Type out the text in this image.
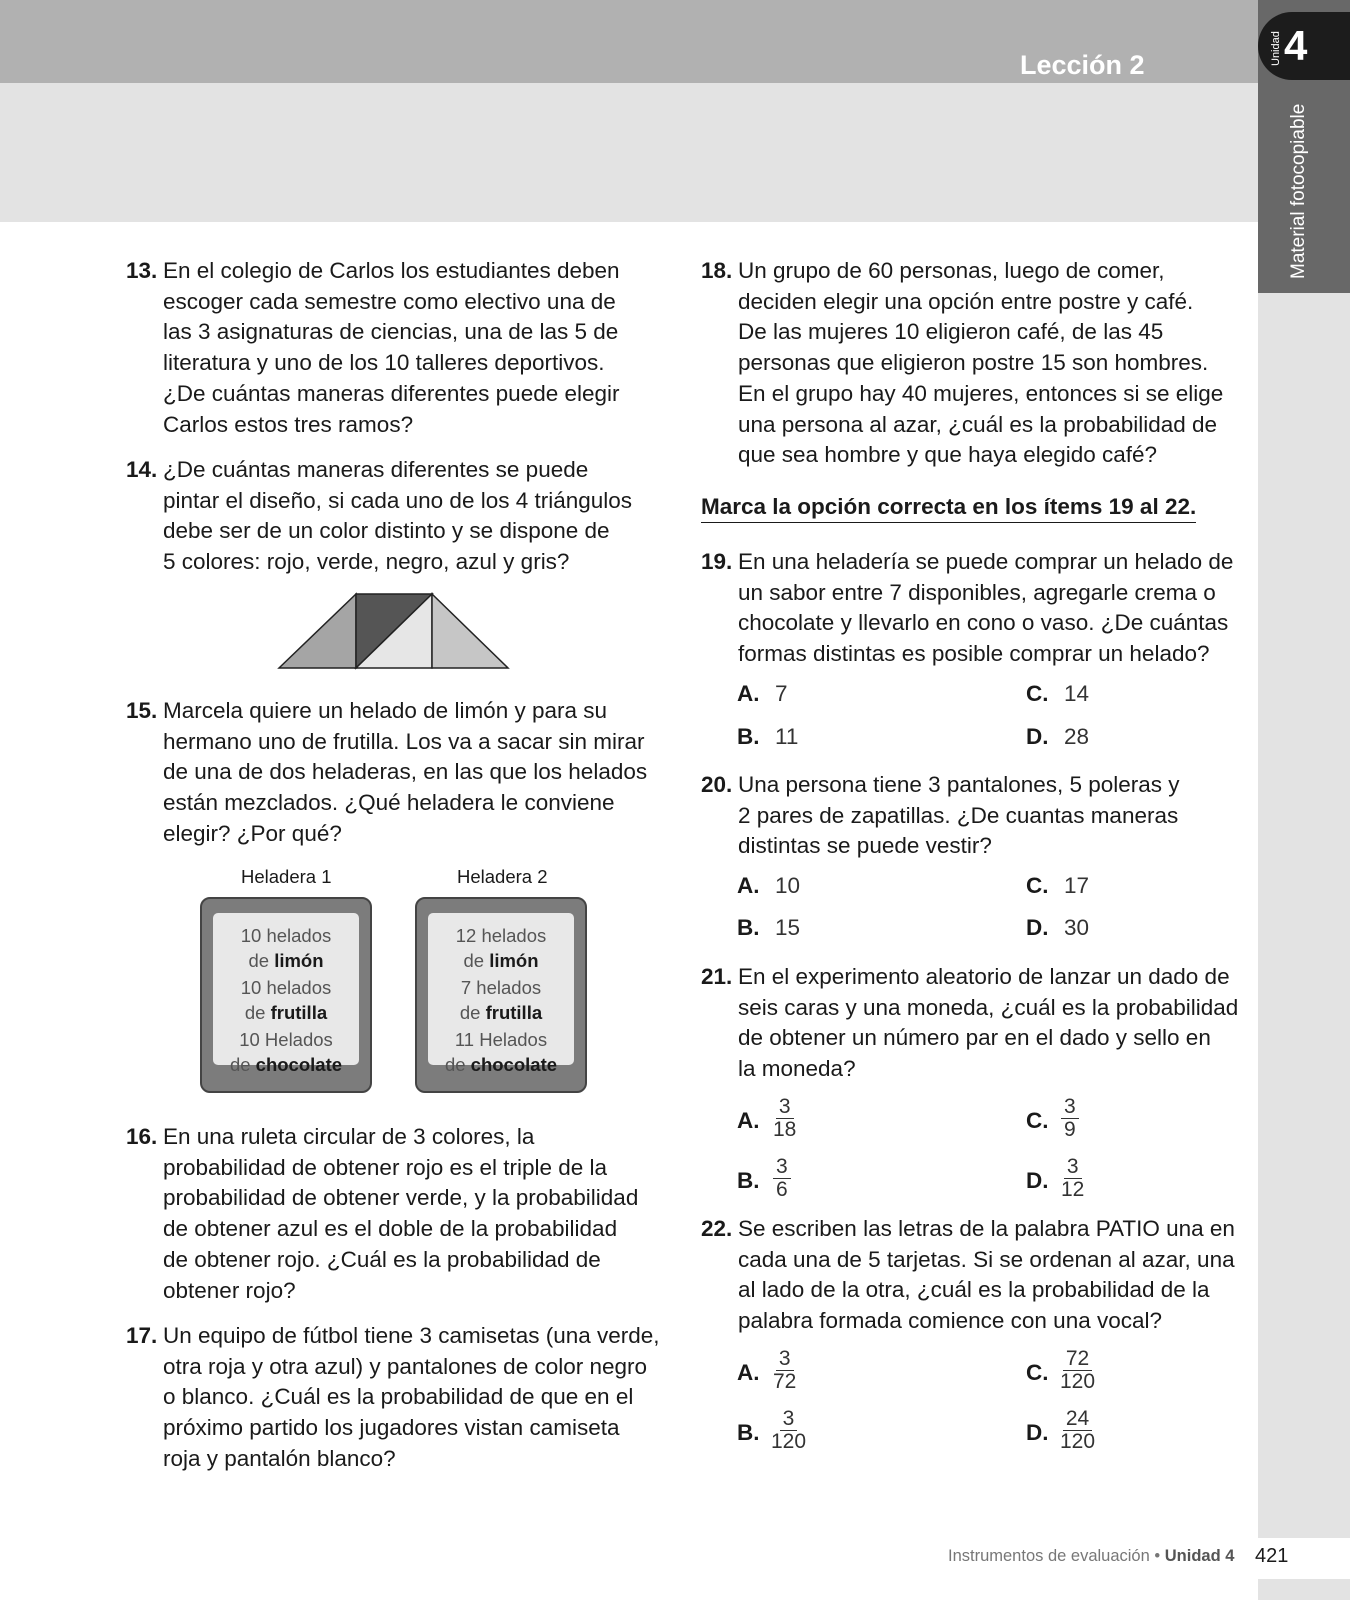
Lección 2	Unidad 4
Material fotocopiable
13. En el colegio de Carlos los estudiantes deben
escoger cada semestre como electivo una de
las 3 asignaturas de ciencias, una de las 5 de
literatura y uno de los 10 talleres deportivos.
¿De cuántas maneras diferentes puede elegir
Carlos estos tres ramos?
14. ¿De cuántas maneras diferentes se puede
pintar el diseño, si cada uno de los 4 triángulos
debe ser de un color distinto y se dispone de
5 colores: rojo, verde, negro, azul y gris?
15. Marcela quiere un helado de limón y para su
hermano uno de frutilla. Los va a sacar sin mirar
de una de dos heladeras, en las que los helados
están mezclados. ¿Qué heladera le conviene
elegir? ¿Por qué?
Heladera 1	Heladera 2
10 helados
de limón
10 helados
de frutilla
10 Helados
de chocolate
12 helados
de limón
7 helados
de frutilla
11 Helados
de chocolate
16. En una ruleta circular de 3 colores, la
probabilidad de obtener rojo es el triple de la
probabilidad de obtener verde, y la probabilidad
de obtener azul es el doble de la probabilidad
de obtener rojo. ¿Cuál es la probabilidad de
obtener rojo?
17. Un equipo de fútbol tiene 3 camisetas (una verde,
otra roja y otra azul) y pantalones de color negro
o blanco. ¿Cuál es la probabilidad de que en el
próximo partido los jugadores vistan camiseta
roja y pantalón blanco?
18. Un grupo de 60 personas, luego de comer,
deciden elegir una opción entre postre y café.
De las mujeres 10 eligieron café, de las 45
personas que eligieron postre 15 son hombres.
En el grupo hay 40 mujeres, entonces si se elige
una persona al azar, ¿cuál es la probabilidad de
que sea hombre y que haya elegido café?
Marca la opción correcta en los ítems 19 al 22.
19. En una heladería se puede comprar un helado de
un sabor entre 7 disponibles, agregarle crema o
chocolate y llevarlo en cono o vaso. ¿De cuántas
formas distintas es posible comprar un helado?
A. 7
B. 11
C. 14
D. 28
20. Una persona tiene 3 pantalones, 5 poleras y
2 pares de zapatillas. ¿De cuantas maneras
distintas se puede vestir?
A. 10
B. 15
C. 17
D. 30
21. En el experimento aleatorio de lanzar un dado de
seis caras y una moneda, ¿cuál es la probabilidad
de obtener un número par en el dado y sello en
la moneda?
A. $\frac{3}{18}$
B. $\frac{3}{6}$
C. $\frac{3}{9}$
D. $\frac{3}{12}$
22. Se escriben las letras de la palabra PATIO una en
cada una de 5 tarjetas. Si se ordenan al azar, una
al lado de la otra, ¿cuál es la probabilidad de la
palabra formada comience con una vocal?
A. $\frac{3}{72}$
B. $\frac{3}{120}$
C. $\frac{72}{120}$
D. $\frac{24}{120}$
Instrumentos de evaluación • Unidad 4 421
